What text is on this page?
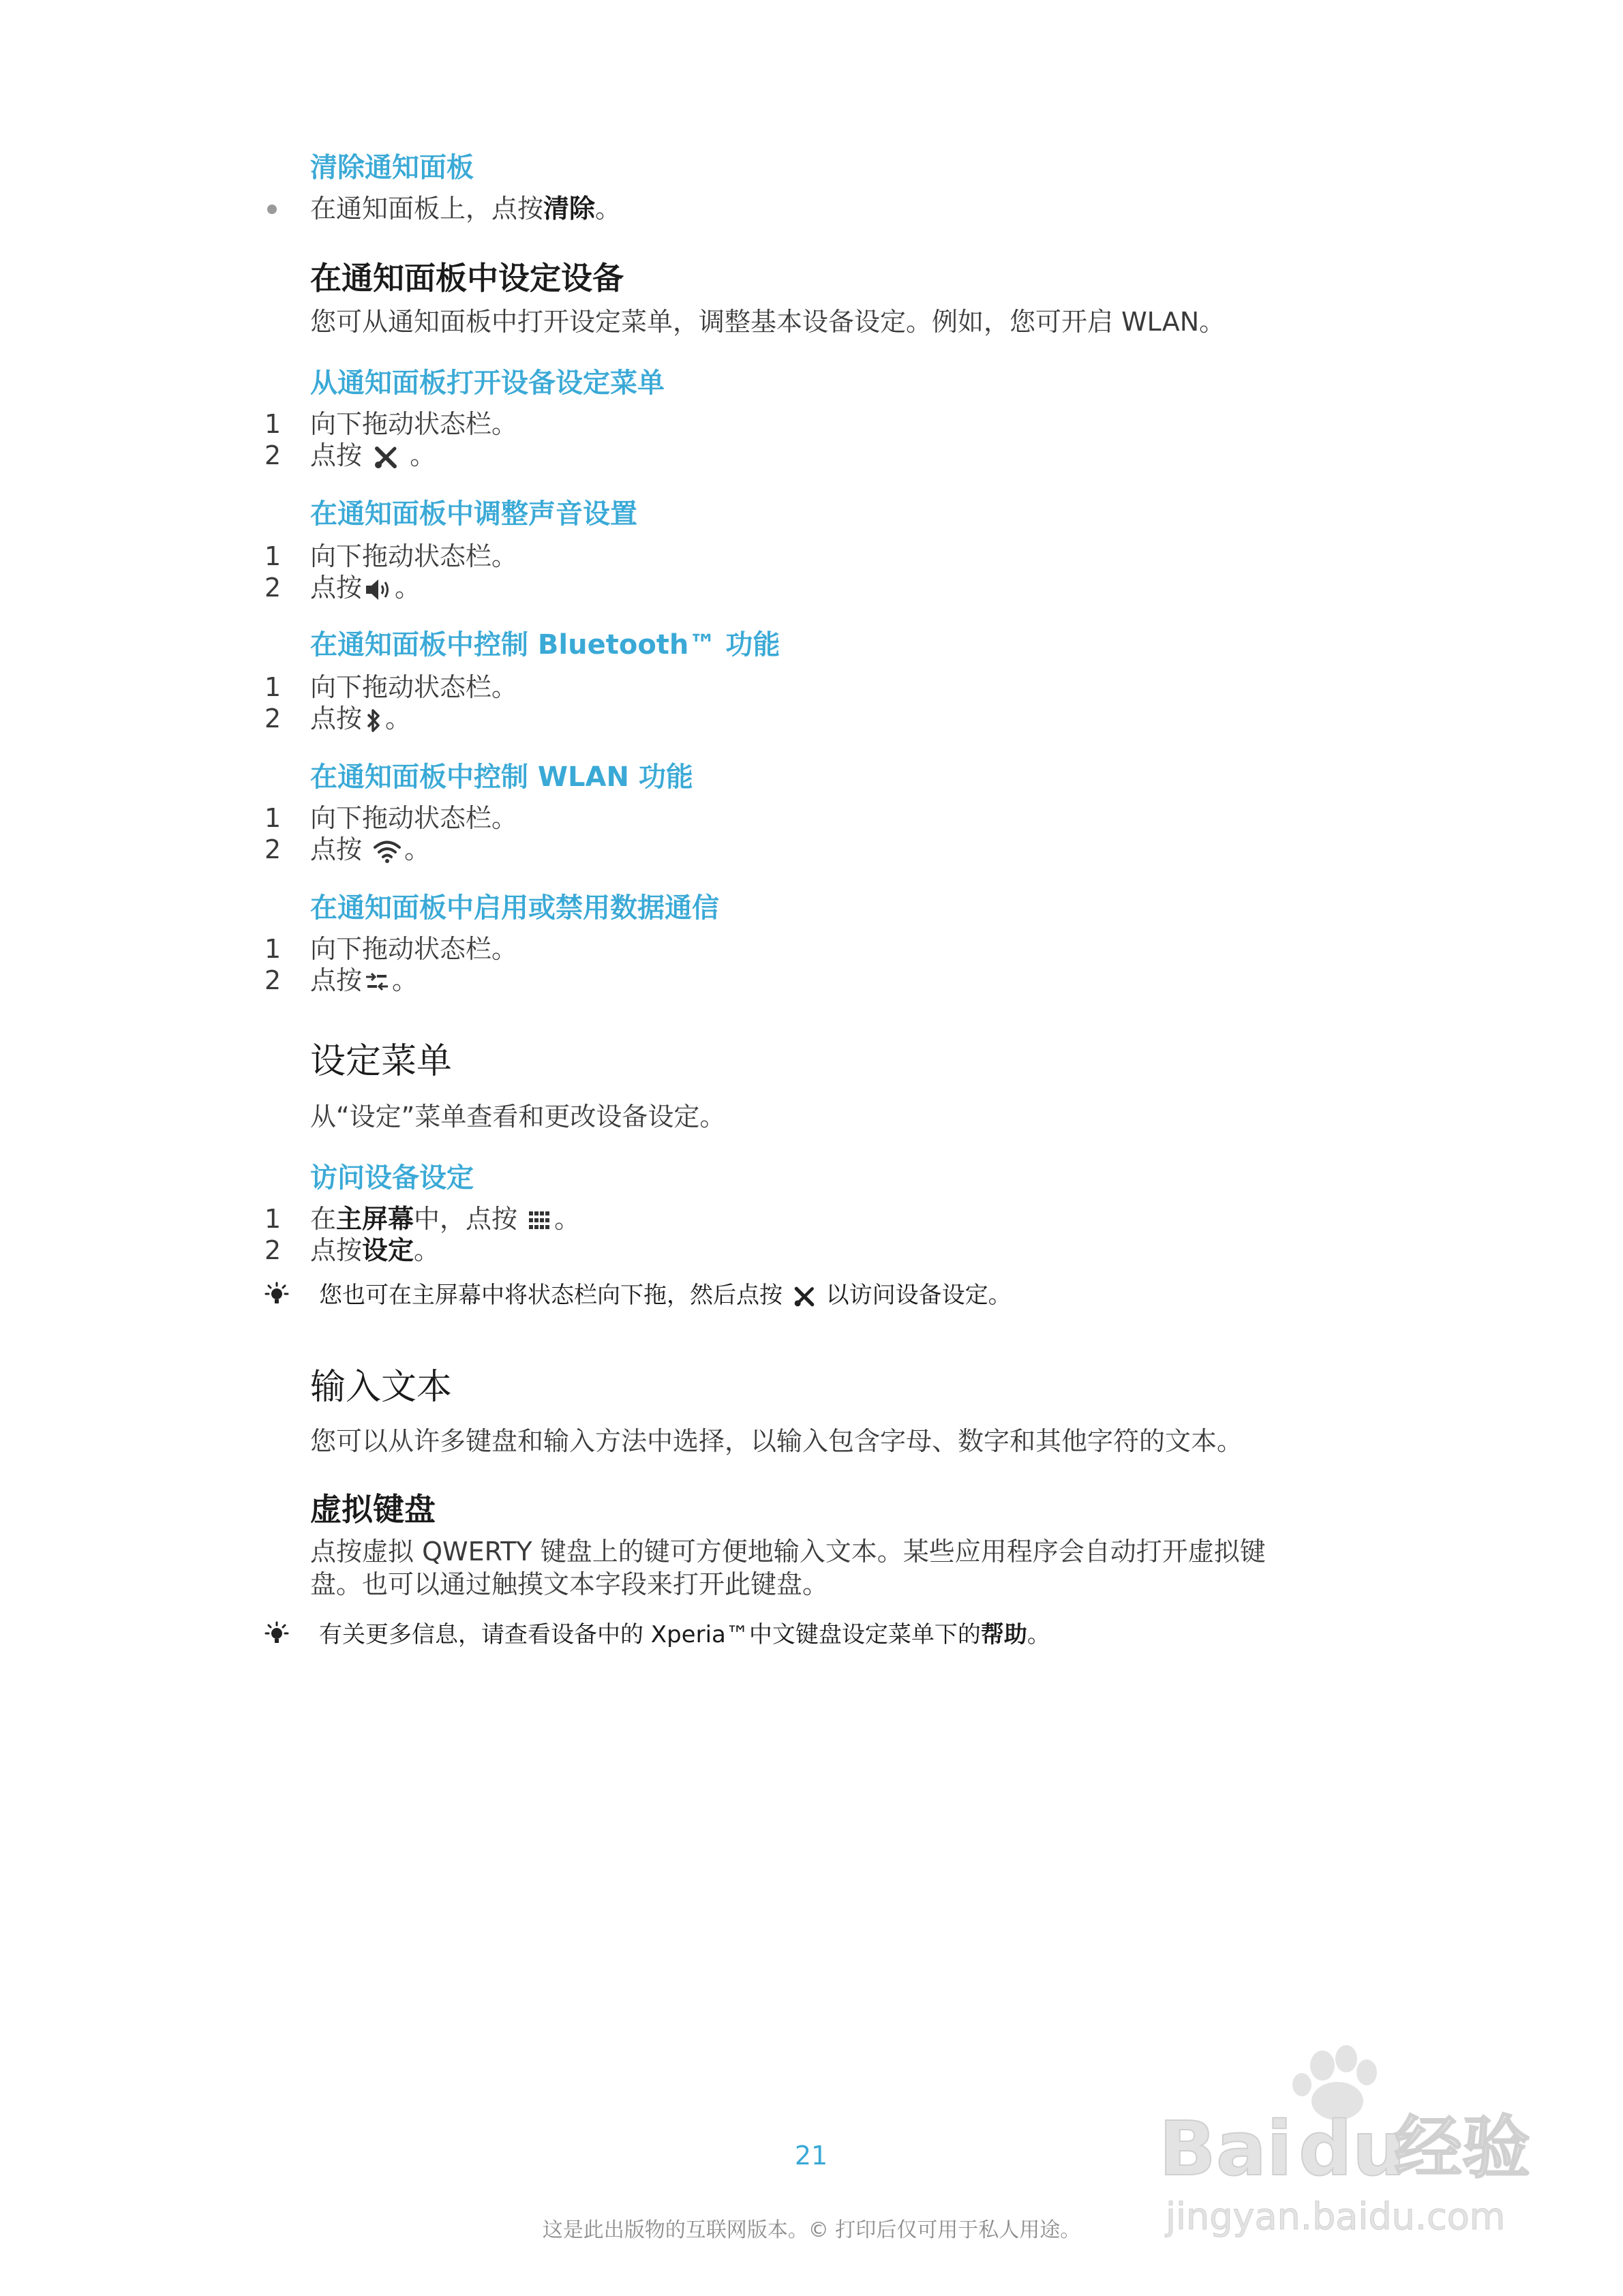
清除通知面板
在通知面板上，点按清除。
在通知面板中设定设备
您可从通知面板中打开设定菜单，调整基本设备设定。例如，您可开启 WLAN。
从通知面板打开设备设定菜单
1 向下拖动状态栏。
2 点按 。
在通知面板中调整声音设置
1 向下拖动状态栏。
2 点按 。
在通知面板中控制 Bluetooth™ 功能
1 向下拖动状态栏。
2 点按 。
在通知面板中控制 WLAN 功能
1 向下拖动状态栏。
2 点按 。
在通知面板中启用或禁用数据通信
1 向下拖动状态栏。
2 点按 。
设定菜单
从“设定”菜单查看和更改设备设定。
访问设备设定
1 在主屏幕中，点按 。
2 点按设定。
您也可在主屏幕中将状态栏向下拖，然后点按 以访问设备设定。
输入文本
您可以从许多键盘和输入方法中选择，以输入包含字母、数字和其他字符的文本。
虚拟键盘
点按虚拟 QWERTY 键盘上的键可方便地输入文本。某些应用程序会自动打开虚拟键
盘。也可以通过触摸文本字段来打开此键盘。
有关更多信息，请查看设备中的 Xperia™中文键盘设定菜单下的帮助。
21
这是此出版物的互联网版本。© 打印后仅可用于私人用途。
Bai du
经验
jingyan.baidu.com
